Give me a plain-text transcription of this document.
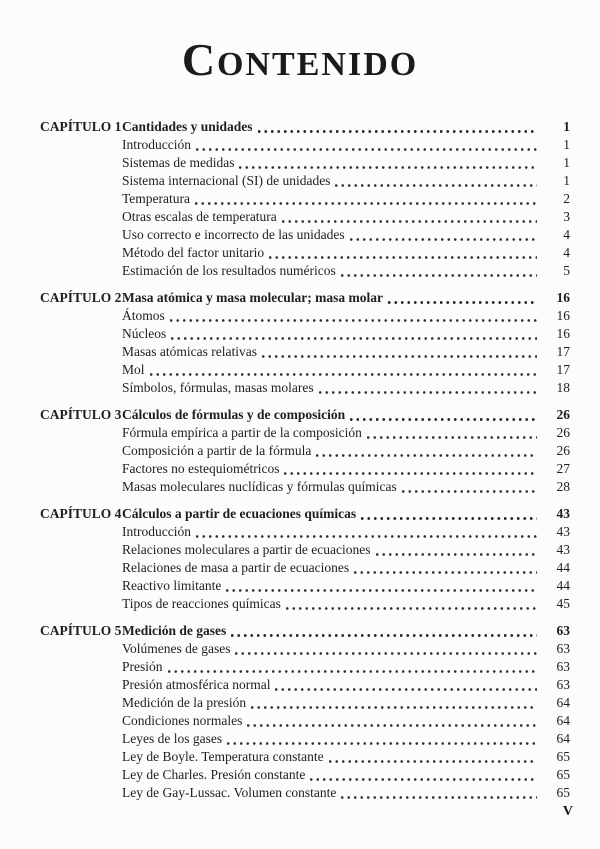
CONTENIDO
CAPÍTULO 1 Cantidades y unidades	1
Introducción	1
Sistemas de medidas	1
Sistema internacional (SI) de unidades	1
Temperatura	2
Otras escalas de temperatura	3
Uso correcto e incorrecto de las unidades	4
Método del factor unitario	4
Estimación de los resultados numéricos	5
CAPÍTULO 2 Masa atómica y masa molecular; masa molar	16
Átomos	16
Núcleos	16
Masas atómicas relativas	17
Mol	17
Símbolos, fórmulas, masas molares	18
CAPÍTULO 3 Cálculos de fórmulas y de composición	26
Fórmula empírica a partir de la composición	26
Composición a partir de la fórmula	26
Factores no estequiométricos	27
Masas moleculares nuclídicas y fórmulas químicas	28
CAPÍTULO 4 Cálculos a partir de ecuaciones químicas	43
Introducción	43
Relaciones moleculares a partir de ecuaciones	43
Relaciones de masa a partir de ecuaciones	44
Reactivo limitante	44
Tipos de reacciones químicas	45
CAPÍTULO 5 Medición de gases	63
Volúmenes de gases	63
Presión	63
Presión atmosférica normal	63
Medición de la presión	64
Condiciones normales	64
Leyes de los gases	64
Ley de Boyle. Temperatura constante	65
Ley de Charles. Presión constante	65
Ley de Gay-Lussac. Volumen constante	65
V
